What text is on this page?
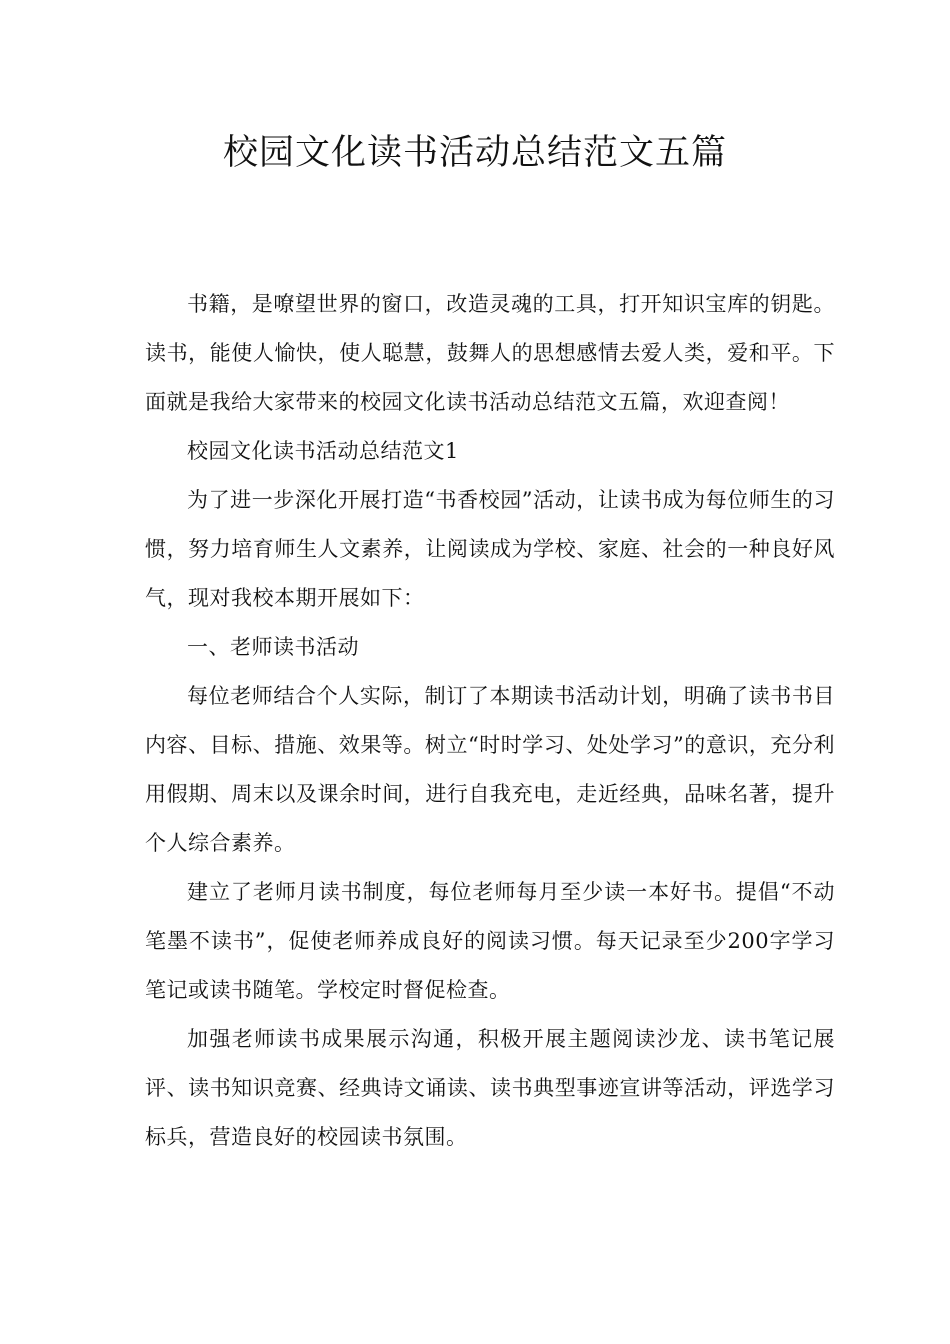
校园文化读书活动总结范文五篇

书籍，是嘹望世界的窗口，改造灵魂的工具，打开知识宝库的钥匙。读书，能使人愉快，使人聪慧，鼓舞人的思想感情去爱人类，爱和平。下面就是我给大家带来的校园文化读书活动总结范文五篇，欢迎查阅！

校园文化读书活动总结范文1

为了进一步深化开展打造“书香校园”活动，让读书成为每位师生的习惯，努力培育师生人文素养，让阅读成为学校、家庭、社会的一种良好风气，现对我校本期开展如下：

一、老师读书活动

每位老师结合个人实际，制订了本期读书活动计划，明确了读书书目内容、目标、措施、效果等。树立“时时学习、处处学习”的意识，充分利用假期、周末以及课余时间，进行自我充电，走近经典，品味名著，提升个人综合素养。

建立了老师月读书制度，每位老师每月至少读一本好书。提倡“不动笔墨不读书”，促使老师养成良好的阅读习惯。每天记录至少200字学习笔记或读书随笔。学校定时督促检查。

加强老师读书成果展示沟通，积极开展主题阅读沙龙、读书笔记展评、读书知识竞赛、经典诗文诵读、读书典型事迹宣讲等活动，评选学习标兵，营造良好的校园读书氛围。
